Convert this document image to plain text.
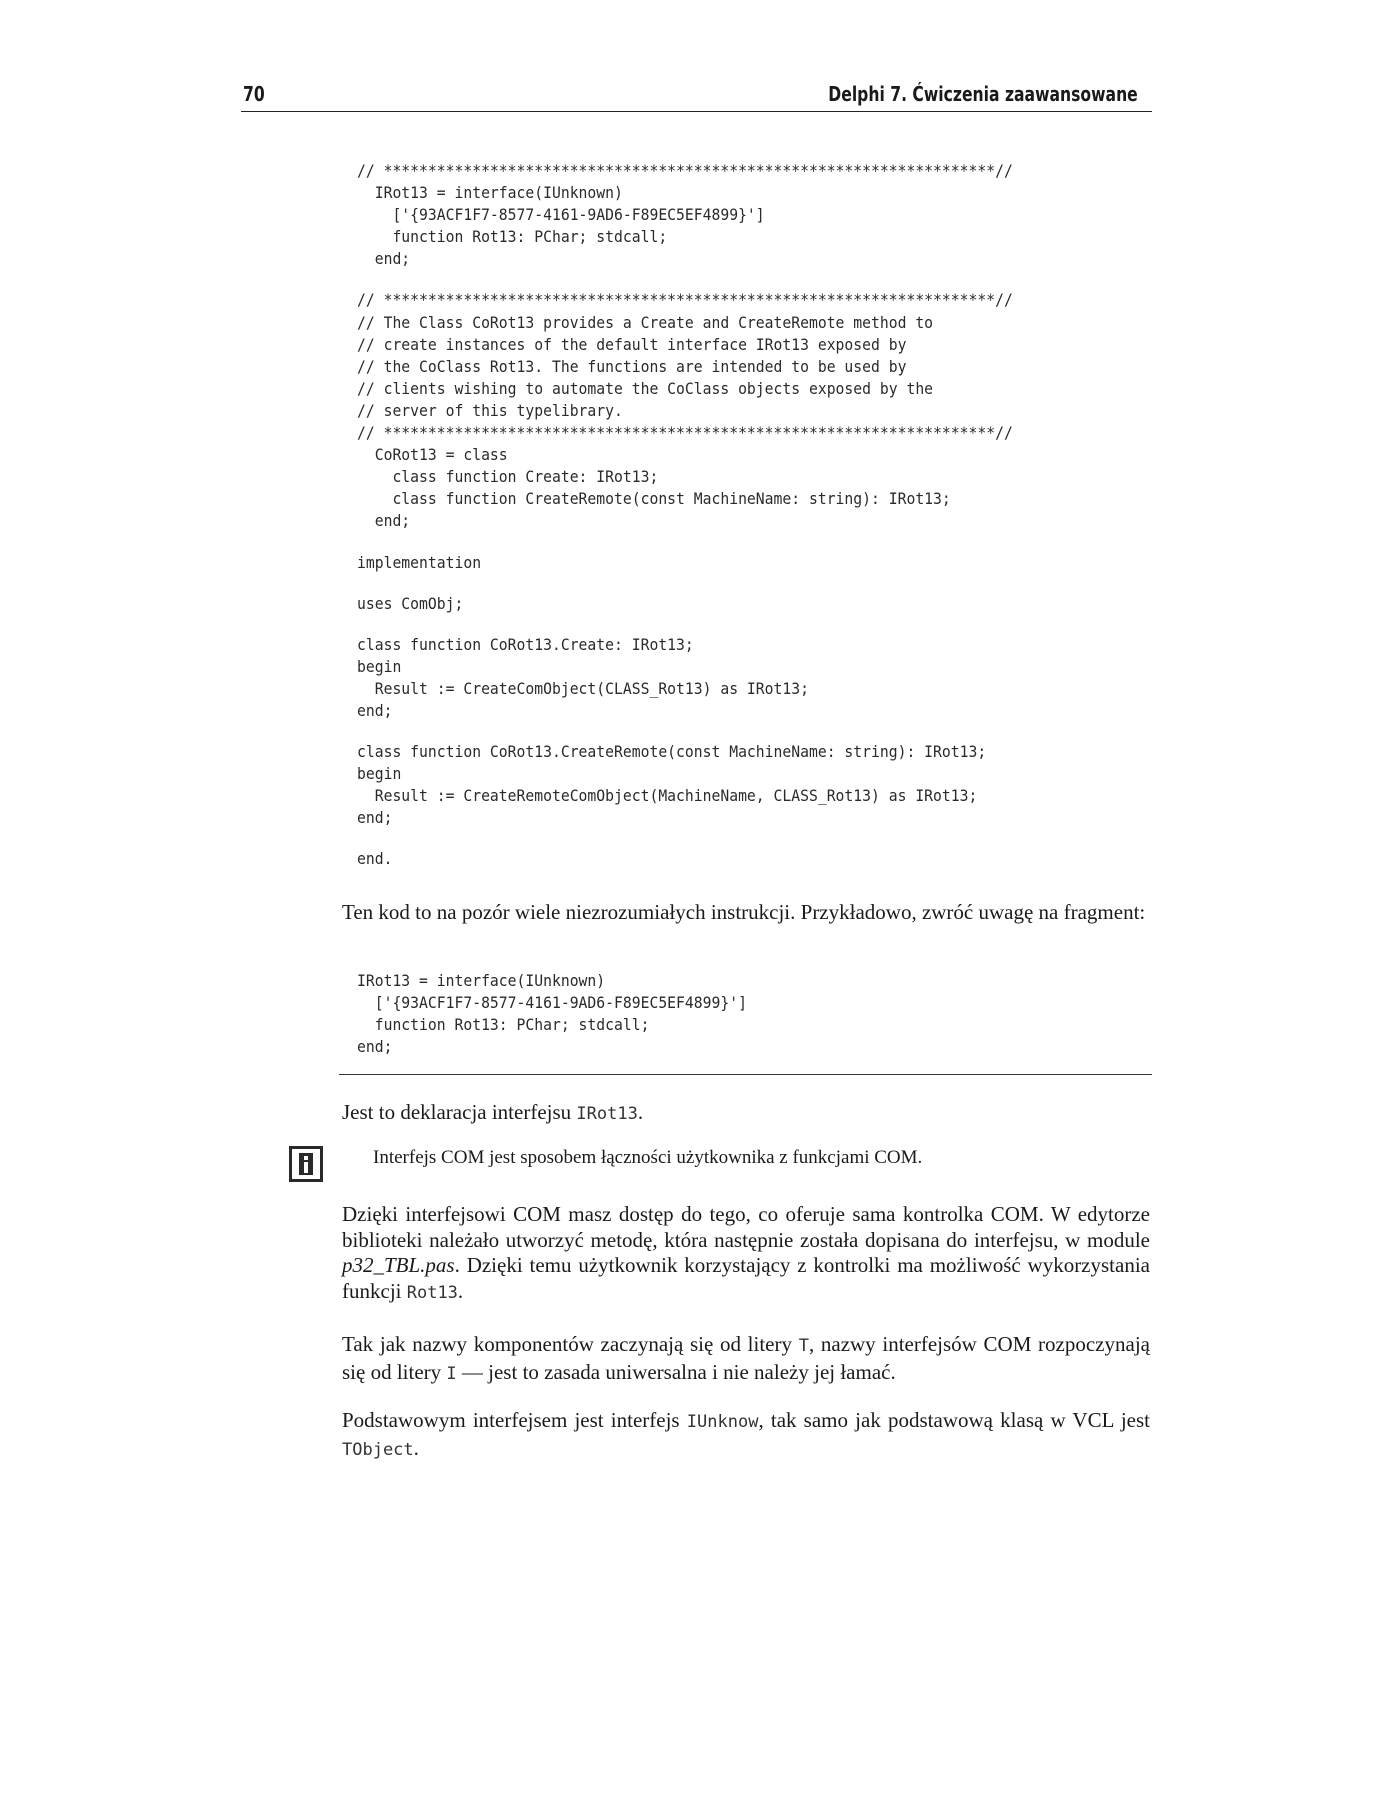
70	Delphi 7. Ćwiczenia zaawansowane
// *********************************************************************//
IRot13 = interface(IUnknown)
['{93ACF1F7-8577-4161-9AD6-F89EC5EF4899}']
function Rot13: PChar; stdcall;
end;

// *********************************************************************//
// The Class CoRot13 provides a Create and CreateRemote method to
// create instances of the default interface IRot13 exposed by
// the CoClass Rot13. The functions are intended to be used by
// clients wishing to automate the CoClass objects exposed by the
// server of this typelibrary.
// *********************************************************************//
CoRot13 = class
class function Create: IRot13;
class function CreateRemote(const MachineName: string): IRot13;
end;

implementation

uses ComObj;

class function CoRot13.Create: IRot13;
begin
Result := CreateComObject(CLASS_Rot13) as IRot13;
end;

class function CoRot13.CreateRemote(const MachineName: string): IRot13;
begin
Result := CreateRemoteComObject(MachineName, CLASS_Rot13) as IRot13;
end;

end.

Ten kod to na pozór wiele niezrozumiałych instrukcji. Przykładowo, zwróć uwagę na fragment:

IRot13 = interface(IUnknown)
['{93ACF1F7-8577-4161-9AD6-F89EC5EF4899}']
function Rot13: PChar; stdcall;
end;

Jest to deklaracja interfejsu IRot13.

Interfejs COM jest sposobem łączności użytkownika z funkcjami COM.

Dzięki interfejsowi COM masz dostęp do tego, co oferuje sama kontrolka COM. W edytorze biblioteki należało utworzyć metodę, która następnie została dopisana do interfejsu, w module p32_TBL.pas. Dzięki temu użytkownik korzystający z kontrolki ma możliwość wykorzystania funkcji Rot13.

Tak jak nazwy komponentów zaczynają się od litery T, nazwy interfejsów COM rozpoczynają się od litery I — jest to zasada uniwersalna i nie należy jej łamać.

Podstawowym interfejsem jest interfejs IUnknow, tak samo jak podstawową klasą w VCL jest TObject.
